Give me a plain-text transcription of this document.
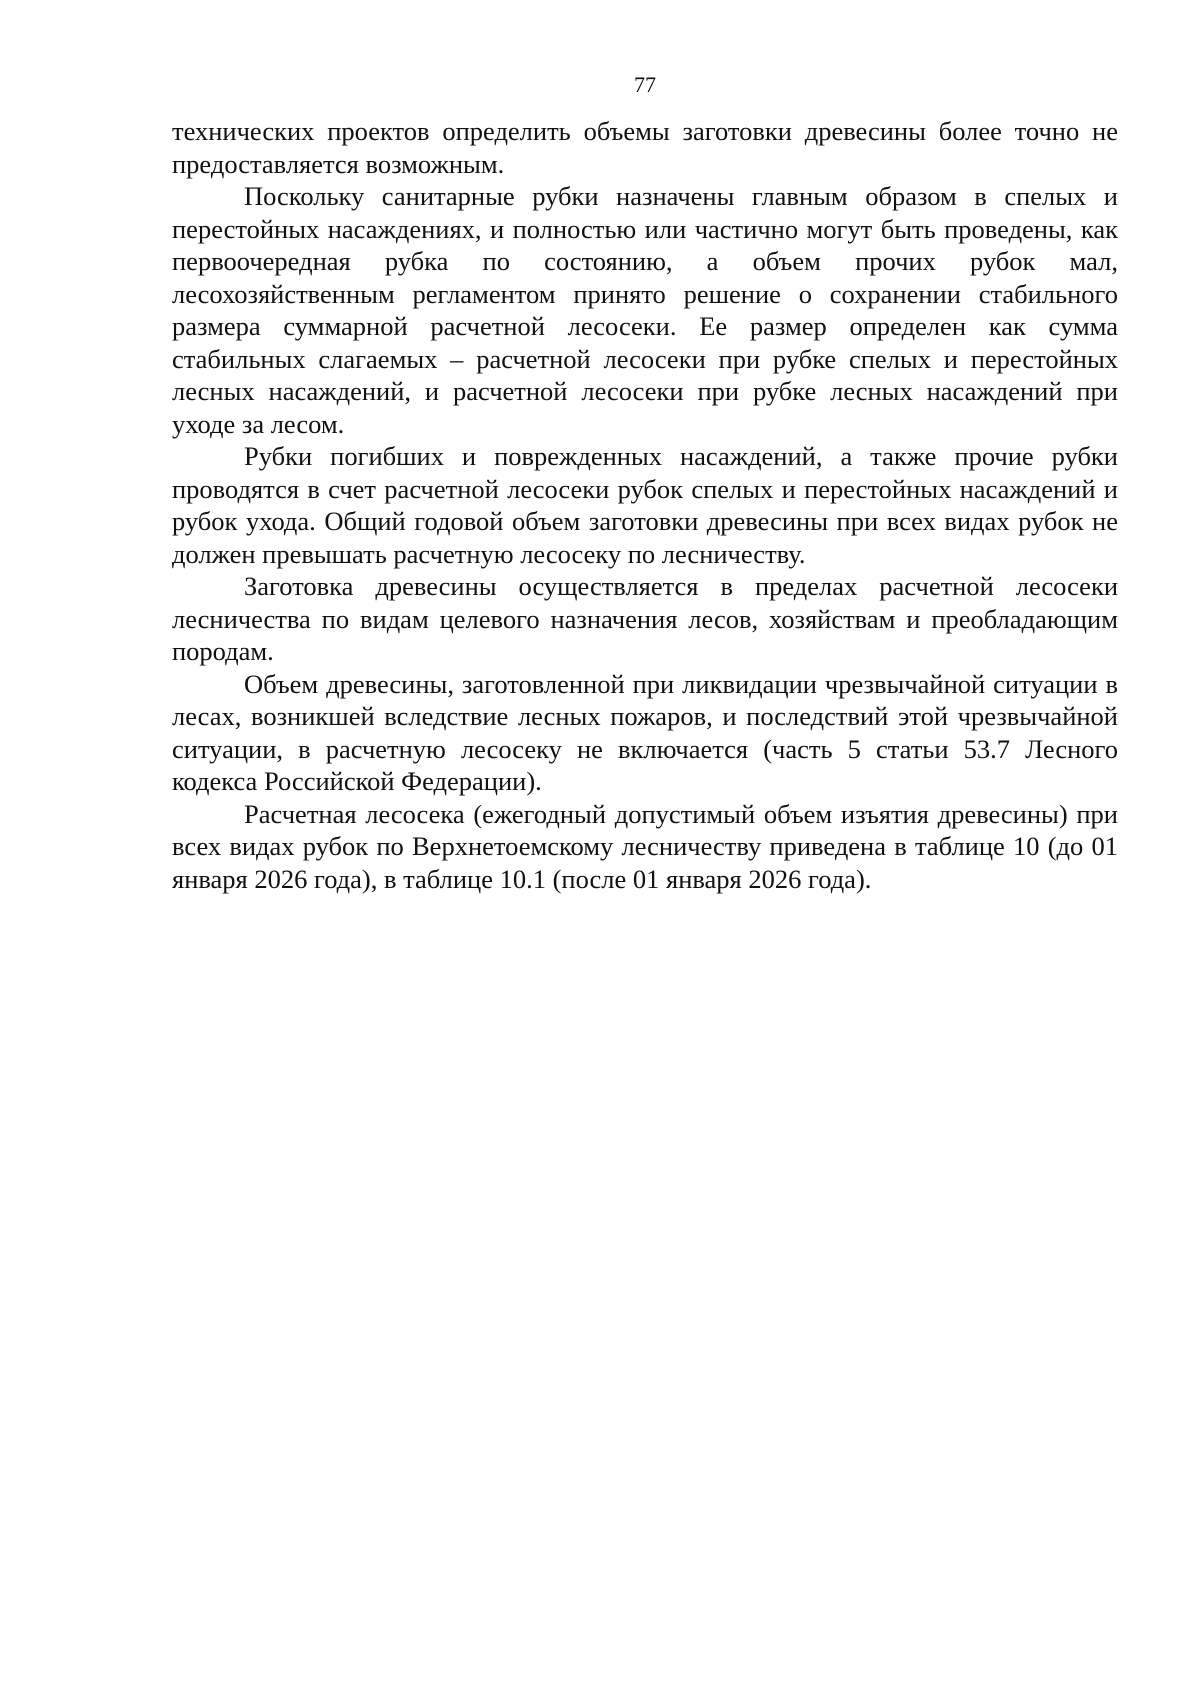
77

технических проектов определить объемы заготовки древесины более точно не предоставляется возможным.

Поскольку санитарные рубки назначены главным образом в спелых и перестойных насаждениях, и полностью или частично могут быть проведены, как первоочередная рубка по состоянию, а объем прочих рубок мал, лесохозяйственным регламентом принято решение о сохранении стабильного размера суммарной расчетной лесосеки. Ее размер определен как сумма стабильных слагаемых – расчетной лесосеки при рубке спелых и перестойных лесных насаждений, и расчетной лесосеки при рубке лесных насаждений при уходе за лесом.

Рубки погибших и поврежденных насаждений, а также прочие рубки проводятся в счет расчетной лесосеки рубок спелых и перестойных насаждений и рубок ухода. Общий годовой объем заготовки древесины при всех видах рубок не должен превышать расчетную лесосеку по лесничеству.

Заготовка древесины осуществляется в пределах расчетной лесосеки лесничества по видам целевого назначения лесов, хозяйствам и преобладающим породам.

Объем древесины, заготовленной при ликвидации чрезвычайной ситуации в лесах, возникшей вследствие лесных пожаров, и последствий этой чрезвычайной ситуации, в расчетную лесосеку не включается (часть 5 статьи 53.7 Лесного кодекса Российской Федерации).

Расчетная лесосека (ежегодный допустимый объем изъятия древесины) при всех видах рубок по Верхнетоемскому лесничеству приведена в таблице 10 (до 01 января 2026 года), в таблице 10.1 (после 01 января 2026 года).
